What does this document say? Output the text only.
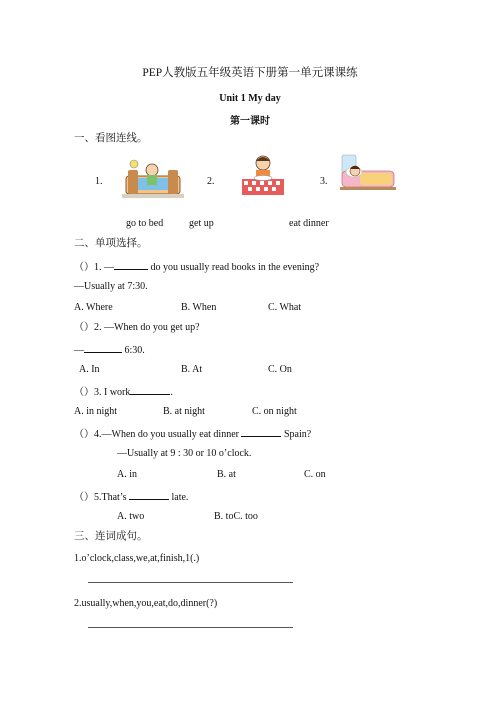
PEP人教版五年级英语下册第一单元课课练
Unit 1 My day
第一课时
一、看图连线。
1.	2.	3.
go to bed	get up	eat dinner
二、单项选择。
（）1. —	do you usually read books in the evening?
—Usually at 7:30.
A. Where	B. When	C. What
（）2. —When do you get up?
—	6:30.
A. In	B. At	C. On
（）3. I work	.
A. in night	B. at night	C. on night
（）4.—When do you usually eat dinner	Spain?
—Usually at 9 : 30 or 10 o’clock.
A. in	B. at	C. on
（）5.That’s	late.
A. two	B. toC. too
三、连词成句。
1.o’clock,class,we,at,finish,1(.)
2.usually,when,you,eat,do,dinner(?)
